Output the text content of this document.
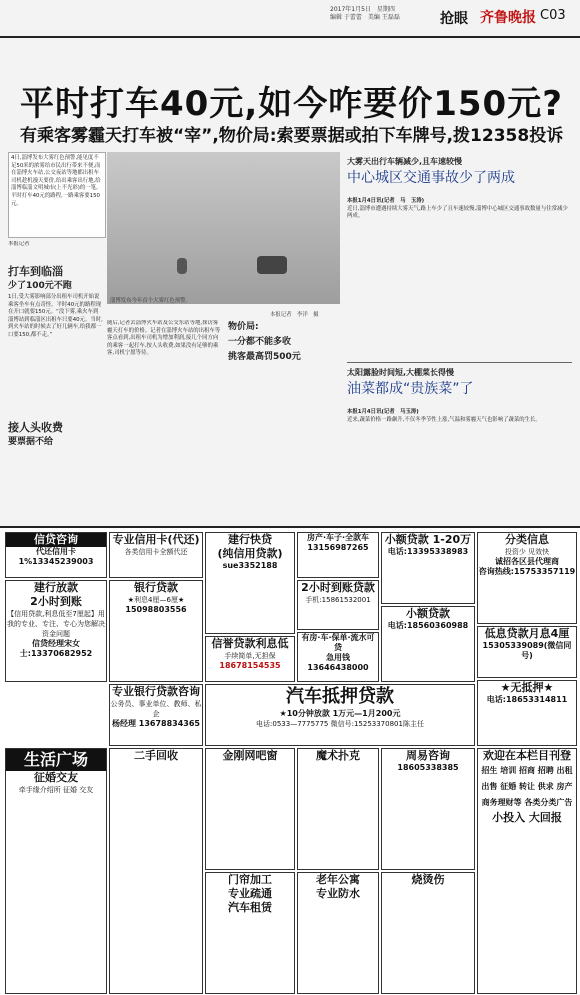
2017年1月5日　星期四
编辑 于蕾蕾　美编 王磊磊	抢眼 齐鲁晚报 C03
平时打车40元,如今咋要价150元?
有乘客雾霾天打车被“宰”,物价局:索要票据或拍下车牌号,拨12358投诉
4日,淄博发布大雾红色预警,能见度不足50米的浓雾给市民出行带来不便,而在淄博火车站,公交夜站等地都出租车司机趁机漫天要价,给出乘客出行地,给淄博临淄文明城市(上不光彩)的一笔,平时打车40元的路程,一路乘客要150元。
本报记者
打车到临淄
少了100元不跑
1日,受大雾影响部分出租车司机开始说乘客坐车有点奇怪。平时40元的路程现在开口就要150元。“没下雾,乘火车到淄博站到临淄区出租车只要40元。当时,到火车站的时候去了好几辆车,给我都一口要150,都不走。”
接人头收费
要票据不给
淄博发布今年首个大雾红色预警。
本报记者　李洋　摄
随后,记者去淄博火车站及公交东站等地,探访雾霾天打车的价格。记者在淄博火车站的出租车等客点看到,出租车司机为增加利润,接几个同方向的乘客一起打车,按人头收费,如果没有足够的乘客,司机宁愿等待。
物价局:
一分都不能多收
挑客最高罚500元
大雾天出行车辆减少,且车速较慢
中心城区交通事故少了两成
本报1月4日讯(记者　马　玉涛)
近日,淄博市遭遇持续大雾天气,路上车少了且车速较慢,淄博中心城区交通事故数量与往常减少两成。
太阳露脸时间短,大棚菜长得慢
油菜都成“贵族菜”了
本报1月4日讯(记者　马玉涛)
近来,蔬菜价格一路飙升,不仅冬季节性上涨,气温和雾霾天气也影响了蔬菜的生长。
信贷咨询
代还信用卡1%13345239003
建行放款
2小时到账
【信用贷款,利息低至7厘起】用我的专业、专注、专心为您解决资金问题
信贷经理宋女士:13370682952
专业信用卡(代还)
各类信用卡全额代还
银行贷款
★利息4厘—6厘★
15098803556
建行快贷
(纯信用贷款)
sue3352188
房产·车子·全款车
13156987265
2小时到账贷款
手机:15861532001
信誉贷款利息低
手续简单,无担保
18678154535
有房·车·保单·流水可贷
急用钱13646438000
小额贷款 1-20万
电话:13395338983
小额贷款
电话:18560360988
专业银行贷款咨询
公务员、事业单位、教师、私企
杨经理 13678834365
汽车抵押贷款
★10分钟放款 1万元—1月200元
电话:0533—7775775 微信号:15253370801陈主任
分类信息
投资少 见效快
诚招各区县代理商
咨询热线:15753357119
低息贷款月息4厘
15305339089(微信同号)
★无抵押★
电话:18653314811
生活广场
征婚交友
牵手缘介绍所 征婚 交友
二手回收	金刚网吧窗
门帘加工
专业疏通
汽车租赁
魔术扑克
老年公寓
专业防水
周易咨询
18605338385
烧烫伤
欢迎在本栏目刊登
招生 培训 招商 招聘 出租 出售 征婚 转让 供求 房产 商务理财等 各类分类广告
小投入 大回报
